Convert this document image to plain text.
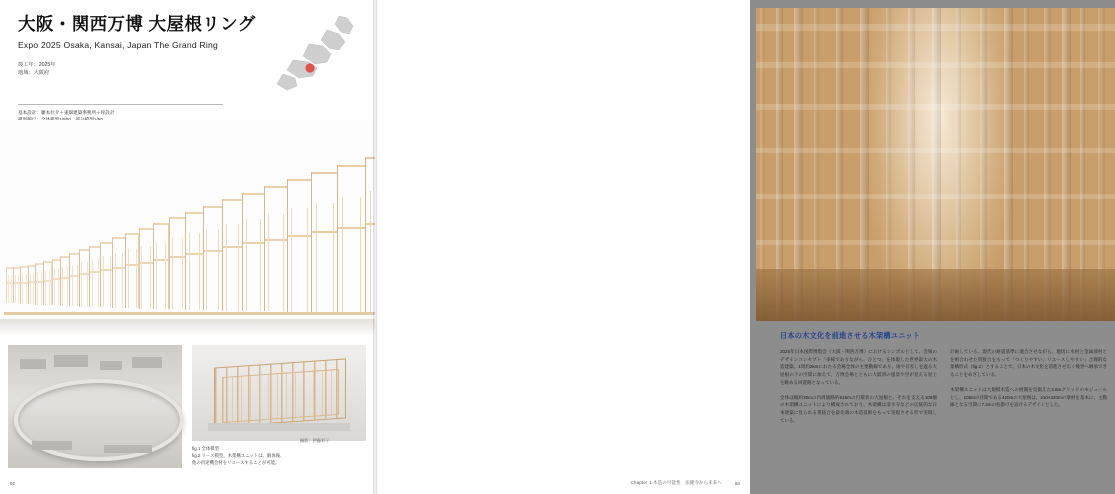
大阪・関西万博 大屋根リング
Expo 2025 Osaka, Kansai, Japan The Grand Ring
竣工年：2025年
地域：大阪府
基本設計：藤本壮介＋東畑建築事務所＋梓設計
fig.1 全体模型
fig.2 リース模型。木架構ユニットは、解体後、
他の用途機会材をリユースすることが可能。
撮影：伊藤彩子
92
日本の木文化を前進させる木架構ユニット

2025年日本国際博覧会（大阪・関西万博）におけるシンボルとして、会場のデザインコンセプト「多様でありながら、ひとつ」を体現した世界最大の木造建築。1周約2kmにわたる会場全体の主要動線であり、雨や日差しを遮る大屋根の下の空間に加えて、万博会場とともに大阪湾の風景や空が見える屋上を眺める回遊路となっている。

全体は幅約30mの内周通路約615mの円環状の大屋根と、それを支える108個の木架構ユニットにより構成されており、木架構は清水寺などの伝統的な日本建築に見られる貫接合を最先端の木造技術をもって実現させる形で実現している。

計画している。現代の耐震基準に適合させながら、適切に木材と金属部材とを組合わせた貫接合をもって「つくりやすい、リユースしやすい」合理的な架構形式（fig.2）とすることで、日本の木文化を前進させ広く後世へ継承できることをめざしている。

木架構ユニットは大規模木造への展開を見据えた3.6mグリッドのモジュールとし、105mの径間である420mの大屋根は、210×420mの梁材を基本に、主動線となる空間に7.2mの柱掛けを設けるデザインとした。

Chapter 1 木造の可能性　法隆寺から未来へ	93
